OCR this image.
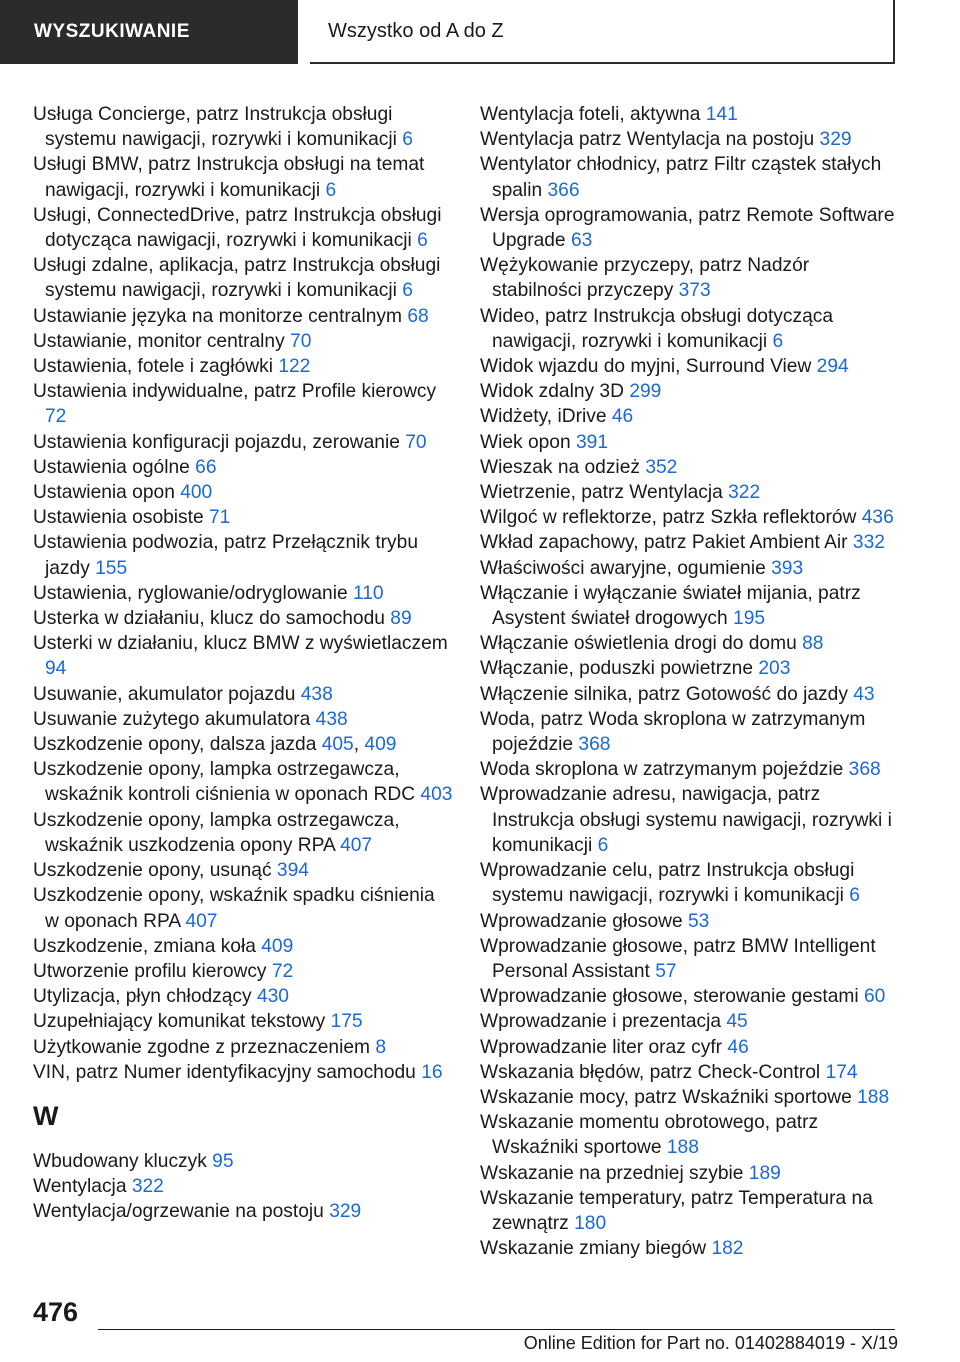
WYSZUKIWANIE	Wszystko od A do Z
Usługa Concierge, patrz Instrukcja obsługi systemu nawigacji, rozrywki i komunikacji 6
Usługi BMW, patrz Instrukcja obsługi na temat nawigacji, rozrywki i komunikacji 6
Usługi, ConnectedDrive, patrz Instrukcja obsługi dotycząca nawigacji, rozrywki i komunikacji 6
Usługi zdalne, aplikacja, patrz Instrukcja obsługi systemu nawigacji, rozrywki i komunikacji 6
Ustawianie języka na monitorze centralnym 68
Ustawianie, monitor centralny 70
Ustawienia, fotele i zagłówki 122
Ustawienia indywidualne, patrz Profile kierowcy 72
Ustawienia konfiguracji pojazdu, zerowanie 70
Ustawienia ogólne 66
Ustawienia opon 400
Ustawienia osobiste 71
Ustawienia podwozia, patrz Przełącznik trybu jazdy 155
Ustawienia, ryglowanie/odryglowanie 110
Usterka w działaniu, klucz do samochodu 89
Usterki w działaniu, klucz BMW z wyświetlaczem 94
Usuwanie, akumulator pojazdu 438
Usuwanie zużytego akumulatora 438
Uszkodzenie opony, dalsza jazda 405, 409
Uszkodzenie opony, lampka ostrzegawcza, wskaźnik kontroli ciśnienia w oponach RDC 403
Uszkodzenie opony, lampka ostrzegawcza, wskaźnik uszkodzenia opony RPA 407
Uszkodzenie opony, usunąć 394
Uszkodzenie opony, wskaźnik spadku ciśnienia w oponach RPA 407
Uszkodzenie, zmiana koła 409
Utworzenie profilu kierowcy 72
Utylizacja, płyn chłodzący 430
Uzupełniający komunikat tekstowy 175
Użytkowanie zgodne z przeznaczeniem 8
VIN, patrz Numer identyfikacyjny samochodu 16
W
Wbudowany kluczyk 95
Wentylacja 322
Wentylacja/ogrzewanie na postoju 329
Wentylacja foteli, aktywna 141
Wentylacja patrz Wentylacja na postoju 329
Wentylator chłodnicy, patrz Filtr cząstek stałych spalin 366
Wersja oprogramowania, patrz Remote Software Upgrade 63
Wężykowanie przyczepy, patrz Nadzór stabilności przyczepy 373
Wideo, patrz Instrukcja obsługi dotycząca nawigacji, rozrywki i komunikacji 6
Widok wjazdu do myjni, Surround View 294
Widok zdalny 3D 299
Widżety, iDrive 46
Wiek opon 391
Wieszak na odzież 352
Wietrzenie, patrz Wentylacja 322
Wilgoć w reflektorze, patrz Szkła reflektorów 436
Wkład zapachowy, patrz Pakiet Ambient Air 332
Właściwości awaryjne, ogumienie 393
Włączanie i wyłączanie świateł mijania, patrz Asystent świateł drogowych 195
Włączanie oświetlenia drogi do domu 88
Włączanie, poduszki powietrzne 203
Włączenie silnika, patrz Gotowość do jazdy 43
Woda, patrz Woda skroplona w zatrzymanym pojeździe 368
Woda skroplona w zatrzymanym pojeździe 368
Wprowadzanie adresu, nawigacja, patrz Instrukcja obsługi systemu nawigacji, rozrywki i komunikacji 6
Wprowadzanie celu, patrz Instrukcja obsługi systemu nawigacji, rozrywki i komunikacji 6
Wprowadzanie głosowe 53
Wprowadzanie głosowe, patrz BMW Intelligent Personal Assistant 57
Wprowadzanie głosowe, sterowanie gestami 60
Wprowadzanie i prezentacja 45
Wprowadzanie liter oraz cyfr 46
Wskazania błędów, patrz Check-Control 174
Wskazanie mocy, patrz Wskaźniki sportowe 188
Wskazanie momentu obrotowego, patrz Wskaźniki sportowe 188
Wskazanie na przedniej szybie 189
Wskazanie temperatury, patrz Temperatura na zewnątrz 180
Wskazanie zmiany biegów 182
476
Online Edition for Part no. 01402884019 - X/19
